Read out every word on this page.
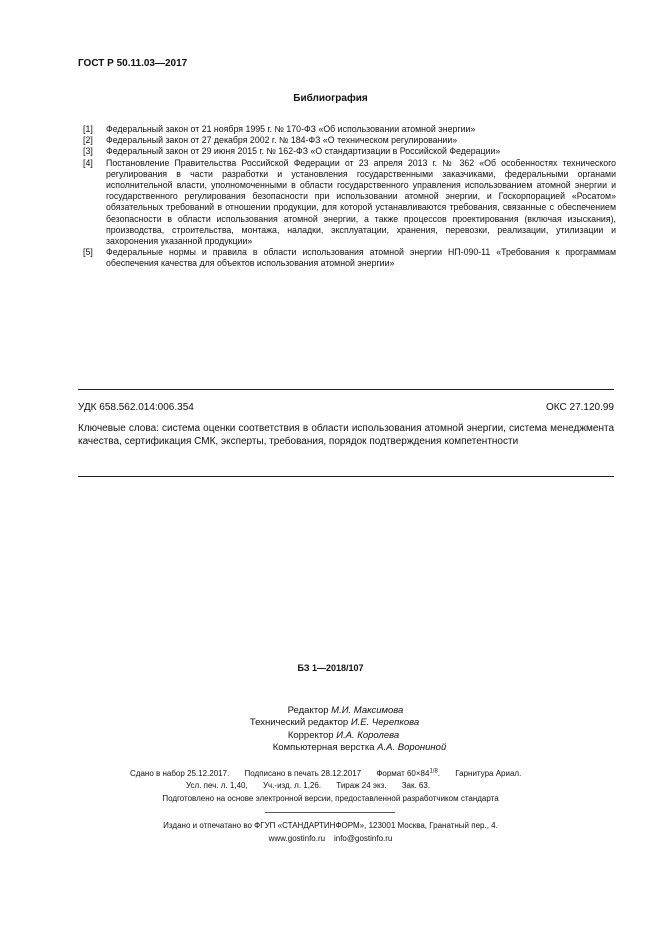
ГОСТ Р 50.11.03—2017
Библиография
[1]	Федеральный закон от 21 ноября 1995 г. № 170-ФЗ «Об использовании атомной энергии»
[2]	Федеральный закон от 27 декабря 2002 г. № 184-ФЗ «О техническом регулировании»
[3]	Федеральный закон от 29 июня 2015 г. № 162-ФЗ «О стандартизации в Российской Федерации»
[4]	Постановление Правительства Российской Федерации от 23 апреля 2013 г. № 362 «Об особенностях технического регулирования в части разработки и установления государственными заказчиками, федеральными органами исполнительной власти, уполномоченными в области государственного управления использованием атомной энергии и государственного регулирования безопасности при использовании атомной энергии, и Госкорпорацией «Росатом» обязательных требований в отношении продукции, для которой устанавливаются требования, связанные с обеспечением безопасности в области использования атомной энергии, а также процессов проектирования (включая изыскания), производства, строительства, монтажа, наладки, эксплуатации, хранения, перевозки, реализации, утилизации и захоронения указанной продукции»
[5]	Федеральные нормы и правила в области использования атомной энергии НП-090-11 «Требования к программам обеспечения качества для объектов использования атомной энергии»
УДК 658.562.014:006.354	ОКС 27.120.99
Ключевые слова: система оценки соответствия в области использования атомной энергии, система менеджмента качества, сертификация СМК, эксперты, требования, порядок подтверждения компетентности
БЗ 1—2018/107
Редактор М.И. Максимова
Технический редактор И.Е. Черепкова
Корректор И.А. Королева
Компьютерная верстка А.А. Ворониной
Сдано в набор 25.12.2017. Подписано в печать 28.12.2017 Формат $60\times 84^{1/8}$. Гарнитура Ариал.
Усл. печ. л. 1,40, Уч.-изд. л. 1,26. Тираж 24 экз. Зак. 63.
Подготовлено на основе электронной версии, предоставленной разработчиком стандарта
Издано и отпечатано во ФГУП «СТАНДАРТИНФОРМ», 123001 Москва, Гранатный пер., 4.
www.gostinfo.ru    info@gostinfo.ru
